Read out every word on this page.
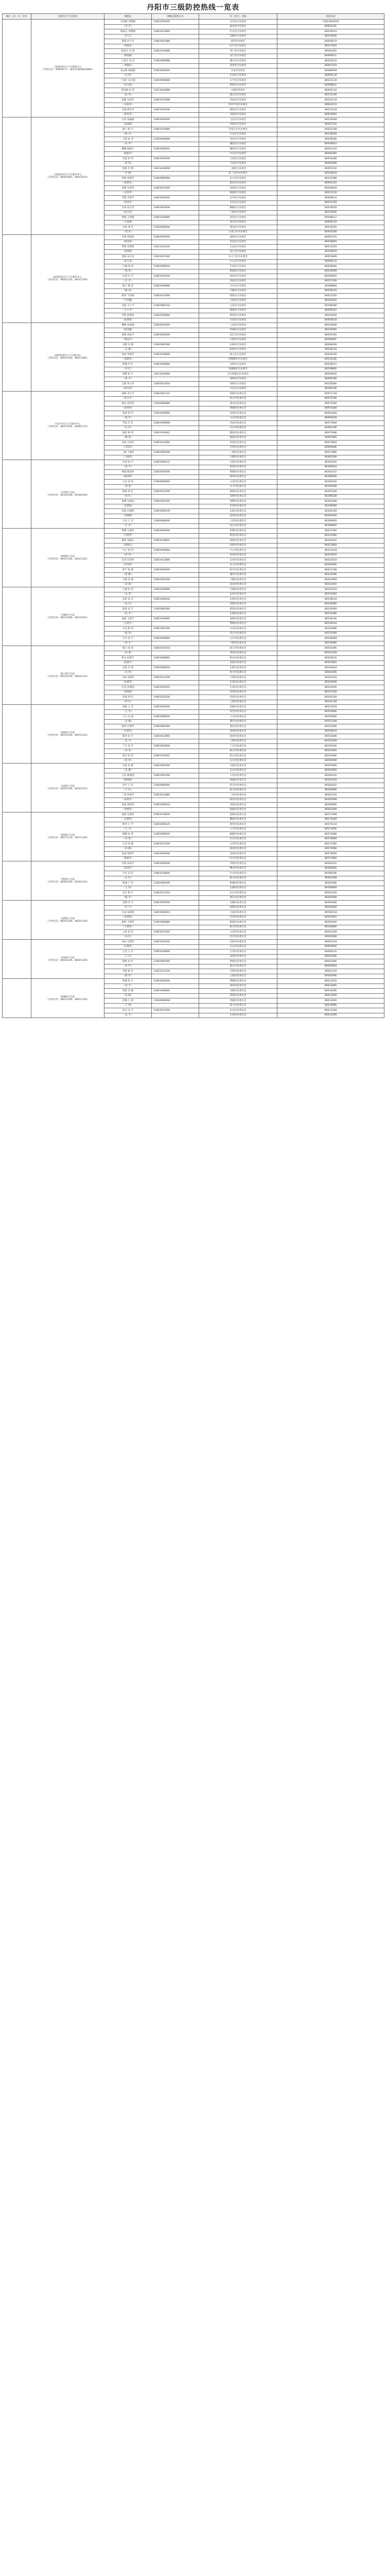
丹阳市三级防控热线一览表
辖区（市、区）社区	基层医疗卫生机构	网格员	网格员联系方式	村（社区）名称	咨询电话
	云阳街道社区卫生服务中心
（咨询电话：86905077、8612536/8610869）	丹顶鹤 单鹤颖	13861900620	丹凤社区居委会	13812816930
		（李 光）		嘉农社区居委会	86905181
		杨家庄 李德朝	13861913669	红光社区居委会	86530019
		（李 光）		旧城社区居委会	86910096
		延陵 彭大友	13861902988	新华村居委会	86928519
		（李晓东）		东门社区居委会	86527600
		张家庄 田 博	13861910088	西门社区居委会	86592260
		（郭灿辉）		北门社区居委会	86900011
		王家庄 朱 洁	13962980888	城中社区居委会	86526218
		（李晓东）		前进社区居委会	86907518
		朱公桥 杨灿辉	13861906666	开发区居委会	86588958
		（宗 明）		长春社区居委会	86909128
		丁家庄 朱宝国	13861908988	太平社区居委会	86533128
		（朱宝国）		新桥社区居委会	86908822
		桂花路 赵 伟	13813416888	白鹤村居委会	86905120
		（赵 伟）		建山社区居委会	86531198
		蒋塘 吴祝军	13861915698	华南社区居委会	86520118
		（吴祝军）		经济开发区居委会	86903219
		吕城 郑玲芳	13861918208	湖滨社区居委会	86521618
		（郑玲芳）		河南社区居委会	86920800
	云阳街道社区卫生服务中心
（咨询电话：86905081、86922010）	后巷 朱丽丽	13861900066	飞达社区居委会	86529308
		（朱丽丽）		华阳社区居委会	86907520
		陵口 陈 兵	13861919880	罗家庄社区居委会	86922108
		（陈 兵）		东安社区居委会	86538208
		云阳 朱 华	13962980868	西环社区居委会	86936566
		（朱 华）		城南社区居委会	86939003
		横塘 杨振宇	13861906816	城西社区居委会	86921218
		（杨振宇）		中山社区居委会	86581090
		司徒 蒋 伟	13861902068	马场社区居委会	86916288
		（蒋 伟）		丰南社区居委会	86590288
		新桥 许 峰	13813416898	三城社区居委会	86901520
		（许 峰）		南三环社区居委会	86520618
		珥陵 张建军	13962980066	东方社区居委会	86535288
		（张建军）		新民社区居委会	86902330
		皇塘 吴春华	13861912280	凤凰社区居委会	86928818
		（吴春华）		练湖社区居委会	86523158
		导墅 李国平	13861905060	长寿社区居委会	86909610
		（李国平）		友谊社区居委会	86531258
		全州 孙文军	13861902608	横塘社区居委会	86918209
		（孙文军）		上新社区居委会	86510606
		埤城 王海燕	13861918880	金鸡社区居委会	86598012
		（王海燕）		迎宾社区居委会	86909218
		访仙 邹 军	13962980808	建设社区居委会	86535030
		（邹 军）		小南门社区居委会	86920188
	曲阿街道社区卫生服务中心
（咨询电话：86922156、86011209）	全州 汤国荣	13861909266	曲阿社区居委会	86905255
		（汤国荣）		杏虎社区居委会	86918800
		界牌 刘春晖	13813416228	车站社区居委会	86912029
		（刘春晖）		南门社区居委会	86530618
		延陵 朱宝龙	13861901280	东大门社区居委会	86591808
		（朱宝龙）		中心社区居委会	86908110
		吕城 钱 伟	13962980618	芦湾社区居委会	86928606
		（钱 伟）		新城社区居委会	86520098
		后巷 汪 平	13861916200	迎春社区居委会	86599820
		（汪 平）		双庙社区居委会	86521308
		陵口 殷 涛	13861908886	兴丹社区居委会	86588868
		（殷 涛）		兴隆社区居委会	86918226
		新桥 于伯刚	13861912068	建新社区居委会	86912500
		（于伯刚）		吕苑社区居委会	86530026
		司徒 王小平	13962980218	五星社区居委会	86598098
		（王小平）		锦绣社区居委会	86906262
		导墅 赵炳荣	13861905866	新春社区居委会	86526208
		（赵炳荣）		开发社区居委会	86920618
	曲阿街道社区卫生服务站
（咨询电话：86922160、86913095）	横塘 孙国强	13861919266	八里社区居委会	86919098
		（孙国强）		华城社区居委会	86530990
		珥陵 汤国平	13861900828	沿江社区居委会	86902560
		（汤国平）		石桥社区居委会	86599001
		皇塘 吴 静	13962980186	东城社区居委会	86908208
		（吴 静）		虹桥社区居委会	86528118
		访仙 邹建华	13861918668	联合社区居委会	86926106
		（邹建华）		四牌楼社区居委会	86520186
		埤城 李 红	13861906686	祥和社区居委会	86918012
		（李 红）		凤凰城社区居委会	86538806
		界牌 张 平	13813416068	东方明珠社区居委会	86590926
		（张 平）		荆林社区居委会	86909186
		云阳 周文华	13861912618	胡桥社区居委会	86526086
		（周文华）		丹北社区居委会	86599186
	开发区社区卫生服务中心
（咨询电话：86973262、86961116）	胡桥 朱宝平	13861902216	胡桥村民委员会	86971118
		（朱宝平）		新庄村民委员会	86972206
		建山 孙伟伟	13962980888	建山村民委员会	86973008
		（孙伟伟）		荆城村民委员会	86970288
		贺巷 钱 军	13861905896	贺巷村民委员会	86961608
		（钱 军）		马庄村民委员会	86960028
		华南 许 红	13861908998	华南村民委员会	86973968
		（许 红）		东庄村民委员会	86962186
		湖滨 顾 伟	13861919062	湖滨村民委员会	86975086
		（顾 伟）		梅园村民委员会	86961866
		河南 吕国军	13861912806	河南村民委员会	86973869
		（吕国军）		长巷村民委员会	86960686
		三城 王丽华	13962980098	三城村民委员会	86971886
		（王丽华）		兴隆村民委员会	86962098
	丹北镇卫生院
（咨询电话：86391208、86390106）	后巷 汤 平	13861908122	后巷村民委员会	86391026
		（汤 平）		新巷村民委员会	86390818
		埤城 陈国华	13861905008	埤城村民委员会	86393162
		（陈国华）		蔡家村民委员会	86398096
		九里 刘 勇	13962980660	九里村民委员会	86390206
		（刘 勇）		永丰村民委员会	86392088
		新桥 孙 红	13861912096	新桥村民委员会	86391508
		（孙 红）		双桥村民委员会	86398108
		界牌 吴建国	13861902166	界牌村民委员会	86393288
		（吴建国）		东进村民委员会	86390986
		访仙 许晓明	13861906106	访仙村民委员会	86392168
		（许晓明）		前进村民委员会	86391960
		大泊 王 军	13962980806	大泊村民委员会	86390668
		（王 军）		同心村民委员会	86398060
	界牌镇卫生院
（咨询电话：86421106、86421202）	界牌 吕建华	13861906996	界牌村民委员会	86421090
		（吕建华）		新星村民委员会	86422086
		新桥 朱晓东	13861918816	新桥村民委员会	86420262
		（朱晓东）		高桥村民委员会	86423808
		中心 汤 伟	13962980868	中心村民委员会	86421618
		（汤 伟）		孙家村民委员会	86420560
		东风 许国华	13861912886	东风村民委员会	86422618
		（许国华）		民主村民委员会	86420066
		和平 张 静	13861902099	和平村民委员会	86421168
		（张 静）		浦东村民委员会	86423086
		兴隆 孙 强	13861905288	兴隆村民委员会	86420998
		（孙 强）		双龙村民委员会	86422060
	吕城镇卫生院
（咨询电话：86531096、86531001）	吕城 朱 华	13861909688	吕城村民委员会	86532018
		（朱 华）		运河村民委员会	86531860
		东桥 朱 军	13861908106	东桥村民委员会	86536018
		（朱 军）		西桥村民委员会	86530986
		新巷 沈 平	13962980260	新巷村民委员会	86532668
		（沈 平）		庄城村民委员会	86531086
		南阳 王建平	13861918660	南阳村民委员会	86536206
		（王建平）		荆林村民委员会	86530618
		永安 陈 伟	13861902296	永安村民委员会	86532986
		（陈 伟）		华庄村民委员会	86531998
		白沙 孙 平	13861906800	白沙村民委员会	86536868
		（孙 平）		大新村民委员会	86530086
	陵口镇卫生院
（咨询电话：86541200、86541110）	陵口 高 勇	13861916218	陵口村民委员会	86541086
		（高 勇）		黄家村民委员会	86542208
		桥头 赵建平	13861908660	桥头村民委员会	86540616
		（赵建平）		双庙村民委员会	86541860
		东新 吴 伟	13962980018	东新村民委员会	86542818
		（吴 伟）		新丰村民委员会	86540286
		天林 朱建华	13861912608	天林村民委员会	86541618
		（朱建华）		东南村民委员会	86540998
		庄家 孙建国	13861905616	庄家村民委员会	86542606
		（孙建国）		金鸡村民委员会	86541268
		花园 周 红	13861919226	花园村民委员会	86540108
		（周 红）		立新村民委员会	86542168
	珥陵镇卫生院
（咨询电话：86551200、86551103）	珥陵 王 芳	13861906200	珥陵村民委员会	86551018
		（王 芳）		祥里村民委员会	86552806
		大吕 吴 强	13861908606	大吕村民委员会	86550886
		（吴 强）		荆庄村民委员会	86551268
		葛村 许建华	13962980286	葛村村民委员会	86552066
		（许建华）		前进村民委员会	86550618
		新春 朱 平	13861912866	新春村民委员会	86551806
		（朱 平）		立新村民委员会	86552008
		丁庄 孙 军	13861902806	丁庄村民委员会	86550206
		（孙 军）		联合村民委员会	86551660
		新庄 赵 伟	13861918262	新庄村民委员会	86552686
		（赵 伟）		东方村民委员会	86550098
	司徒镇卫生院
（咨询电话：86561206、86561015）	司徒 朱 静	13861909180	司徒村民委员会	86561806
		（朱 静）		东岳村民委员会	86562086
		大泊 陈建国	13861905168	大泊村民委员会	86560216
		（陈建国）		新城村民委员会	86561618
		里庄 王 红	13962980660	里庄村民委员会	86562616
		（王 红）		联合村民委员会	86560886
		三里 孙建平	13861912880	三里村民委员会	86561226
		（孙建平）		新民村民委员会	86562998
		双庙 汤建华	13861906618	双庙村民委员会	86560806
		（汤建华）		联盟村民委员会	86561098
	延陵镇卫生院
（咨询电话：86571216、86571100）	延陵 吴建军	13861918006	延陵村民委员会	86571088
		（吴建军）		柳茹村民委员会	86572668
		新华 王 平	13861908226	新华村民委员会	86570218
		（王 平）		大吕村民委员会	86571606
		晓塘 朱 伟	13962980600	晓塘村民委员会	86572086
		（朱 伟）		东庄村民委员会	86570868
		九里 孙 静	13861912006	九里村民委员会	86571266
		（孙 静）		前进村民委员会	86572998
		昌国 张建平	13861902668	昌国村民委员会	86570606
		（张建平）		红光村民委员会	86571896
	导墅镇卫生院
（咨询电话：86581206、86581100）	导墅 孙国平	13861906008	导墅村民委员会	86581016
		（孙国平）		横山村民委员会	86582806
		行宫 吴 红	13861918600	行宫村民委员会	86580286
		（吴 红）		联合村民委员会	86581668
		新城 王 伟	13962980206	新城村民委员会	86582086
		（王 伟）		长溪村民委员会	86580868
		东庄 陈 平	13861912618	东庄村民委员会	86581208
		（陈 平）		荆庄村民委员会	86582998
	皇塘镇卫生院
（咨询电话：86591206、86591100）	皇塘 许 平	13861905006	皇塘村民委员会	86591086
		（许 平）		蒋墅村民委员会	86592808
		大南 朱建国	13861908616	大南村民委员会	86590218
		（朱建国）		东进村民委员会	86591660
		新洲 王建华	13962980886	新洲村民委员会	86592066
		（王建华）		联合村民委员会	86590886
		五星 孙 红	13861912266	五星村民委员会	86591268
		（孙 红）		红光村民委员会	86592998
	访仙镇卫生院
（咨询电话：86601206、86601100）	访仙 吴建华	13861902200	访仙村民委员会	86601018
		（吴建华）		东庄村民委员会	86602806
		万善 王 军	13861918666	万善村民委员会	86600216
		（王 军）		前进村民委员会	86601686
		荆林 朱 红	13962980066	荆林村民委员会	86602086
		（朱 红）		新庄村民委员会	86600868
		步桥 陈 军	13861912228	步桥村民委员会	86601218
		（陈 军）		立新村民委员会	86602996
	埤城镇卫生院
（咨询电话：86611206、86611100）	埤城 孙 平	13861906286	埤城村民委员会	86611018
		（孙 平）		钱家村民委员会	86612806
		河阳 朱 静	13861908066	河阳村民委员会	86610286
		（朱 静）		新巷村民委员会	86611668
		西城 王 强	13962980808	西城村民委员会	86612066
		（王 强）		联合村民委员会	86610886
		东岳 吴 平	13861912006	东岳村民委员会	86611268
		（吴 平）		长春村民委员会	86612998
